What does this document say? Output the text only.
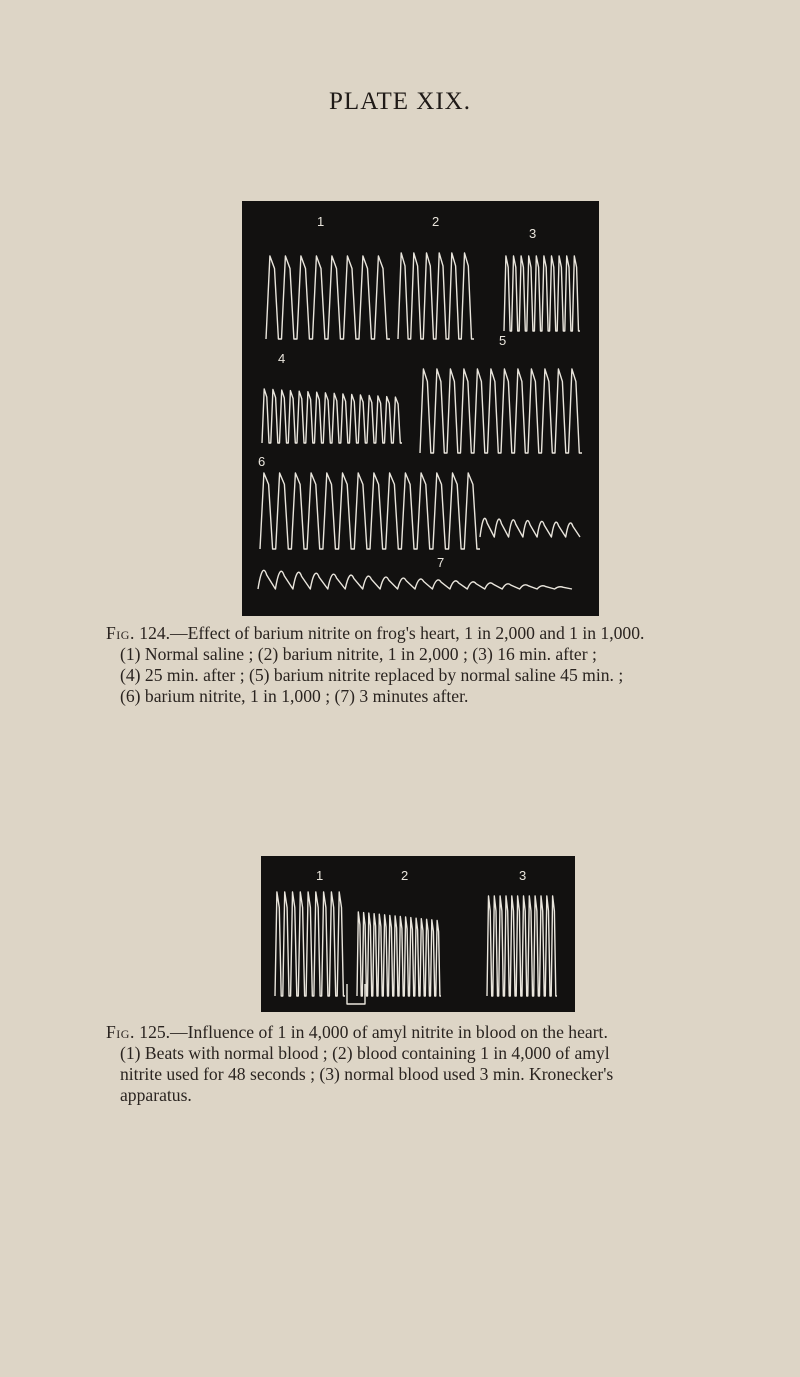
PLATE XIX.
1	2
3
4
5
6
7
Fig. 124.—Effect of barium nitrite on frog's heart, 1 in 2,000 and 1 in 1,000.
(1) Normal saline ; (2) barium nitrite, 1 in 2,000 ; (3) 16 min. after ;
(4) 25 min. after ; (5) barium nitrite replaced by normal saline 45 min. ;
(6) barium nitrite, 1 in 1,000 ; (7) 3 minutes after.
1	2	3
Fig. 125.—Influence of 1 in 4,000 of amyl nitrite in blood on the heart.
(1) Beats with normal blood ; (2) blood containing 1 in 4,000 of amyl
nitrite used for 48 seconds ; (3) normal blood used 3 min. Kronecker's
apparatus.
